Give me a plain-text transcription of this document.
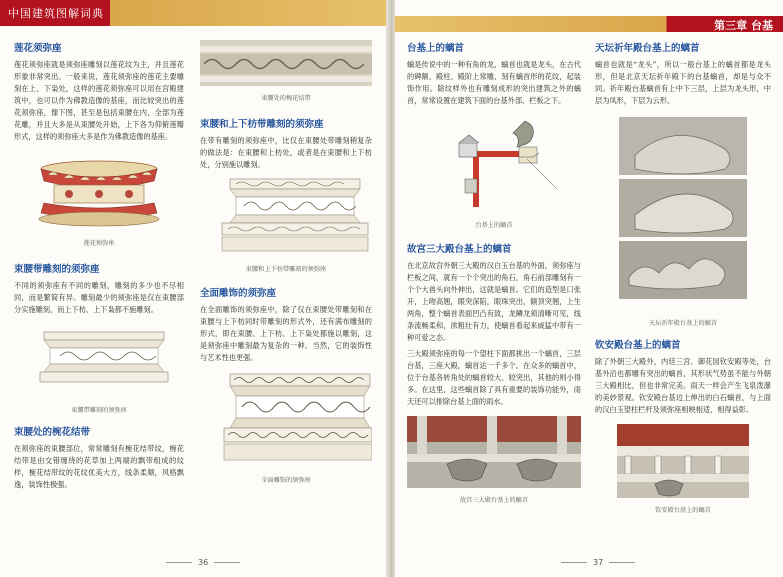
中国建筑图解词典
莲花须弥座

莲花须弥座就是须弥座雕刻以莲花纹为主，并且莲花形象非常突出。一般来说，莲花须弥座的莲花主要雕刻在上、下枭处，这样的莲花须弥座可以用在宫殿建筑中，也可以作为佛教造像的基座，而比较突出的莲花须弥座，像下图，甚至是包括束腰在内，全部为莲花雕，并且大多是从束腰处开始，上下各为仰俯莲瓣形式，这样的须弥座大多是作为佛教造像的基座。

莲花须弥座
束腰带雕刻的须弥座

不同的须弥座有不同的雕刻，雕刻的多少也不尽相同，而是繁简有异。雕刻最少的须弥座是仅在束腰部分实施雕刻，而上下枋、上下枭都不施雕刻。

束腰带雕刻的须弥座
束腰处的椀花结带

在须弥座的束腰部位，常常雕刻有椀花结带纹，椀花结带是由交错缠绕的花草加上两端的飘带组成的纹样，椀花结带纹的花纹优美大方，线条柔顺，风格飘逸，装饰性极强。

束腰处的椀花结带
束腰和上下枋带雕刻的须弥座

在带有雕刻的须弥座中，比仅在束腰处带雕刻稍复杂的做法是：在束腰和上枋处，或者是在束腰和上下枋处，分别施以雕刻。

束腰和上下枋带雕刻的须弥座
全面雕饰的须弥座

在全面雕饰的须弥座中，除了仅在束腰处带雕刻和在束腰与上下枋同时带雕刻的形式外，还有满布雕刻的形式，即在束腰、上下枋、上下枭处都施以雕刻，这是须弥座中雕刻最为复杂的一种。当然，它的装饰性与艺术性也更强。

全面雕饰的须弥座
36
第三章 台基
台基上的螭首

螭是传说中的一种有角的龙，螭首也就是龙头，在古代的碑额、殿柱、殿阶上常雕、刻有螭首形的花纹，起装饰作用。除纹样外也有雕刻成形的突出建筑之外的螭首，常常设置在建筑下面的台基外部、栏板之下。

台基上的螭首
故宫三大殿台基上的螭首

在北京故宫外朝三大殿的汉白玉台基的外面，须弥座与栏板之间，就有一个个突出的角石，角石前部雕刻有一个个大兽头向外伸出，这就是螭首。它们的造型是口张开，上吻高翘，眼突深陷，眼珠突出，额顶突翘，上生两角，整个螭首表面凹凸有致，龙鳞龙须清晰可见，线条流畅柔和，浓粗壮有力，使螭首看起来威猛中带有一种可爱之态。

三大殿须弥座的每一个望柱下面都挑出一个螭首，三层台基，三座大殿，螭首达一千多个。在众多的螭首中，位于台基各转角处的螭首较大、较突出，其他的则小得多。在这里，这些螭首除了具有重要的装饰功能外，雨天还可以排除台基上面的雨水。

故宫三大殿台基上的螭首
天坛祈年殿台基上的螭首

螭首也就是“龙头”，所以一般台基上的螭首都是龙头形，但是北京天坛祈年殿下的台基螭首，却是与众不同。祈年殿台基螭首有上中下三层，上层为龙头形，中层为凤形，下层为云形。

天坛祈年殿台基上的螭首
钦安殿台基上的螭首

除了外朝三大殿外，内廷三宫、御花园钦安殿等处，台基外沿也都雕有突出的螭首，其形状气势虽不能与外朝三大殿相比，但也非常完美。雨天一样会产生飞泉泼瀑的美妙景观。钦安殿台基边上伸出的白石螭首，与上面的汉白玉望柱栏杆及须弥座相映相适，相得益彰。

钦安殿台基上的螭首
37
